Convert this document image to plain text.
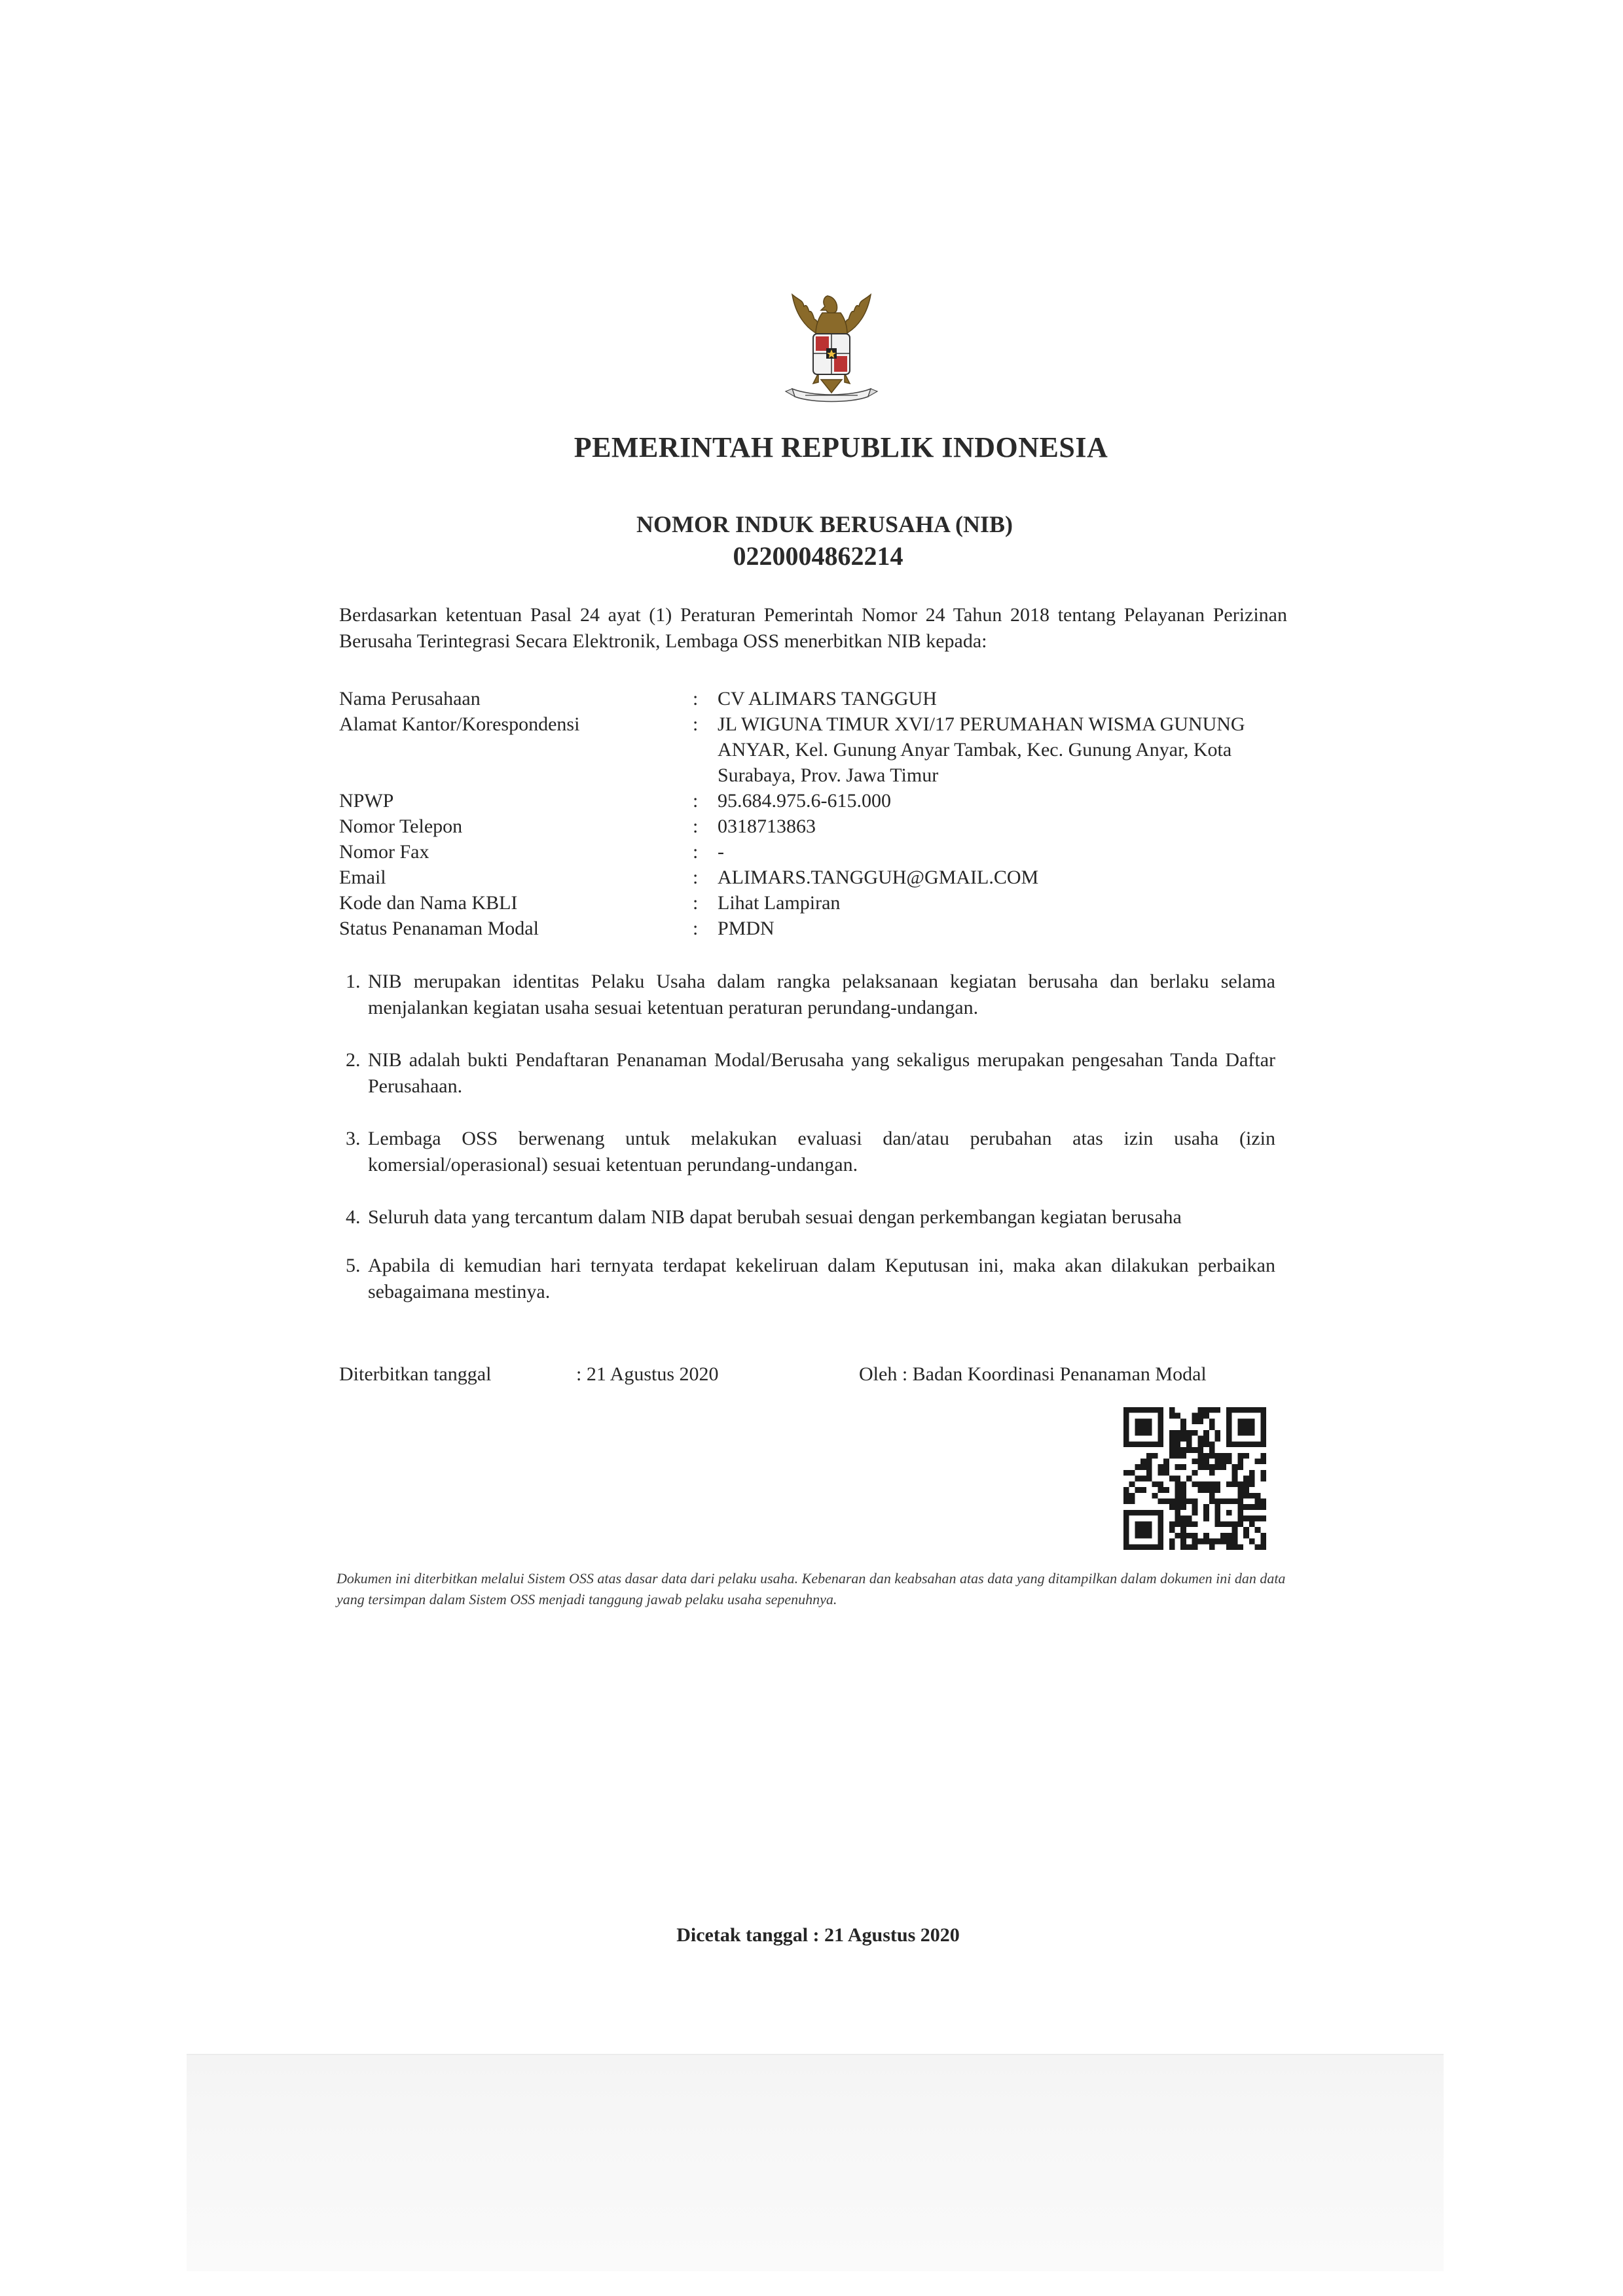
PEMERINTAH REPUBLIK INDONESIA
NOMOR INDUK BERUSAHA (NIB)
0220004862214
Berdasarkan ketentuan Pasal 24 ayat (1) Peraturan Pemerintah Nomor 24 Tahun 2018 tentang Pelayanan Perizinan Berusaha Terintegrasi Secara Elektronik, Lembaga OSS menerbitkan NIB kepada:
Nama Perusahaan	: CV ALIMARS TANGGUH
Alamat Kantor/Korespondensi	: JL WIGUNA TIMUR XVI/17 PERUMAHAN WISMA GUNUNG ANYAR, Kel. Gunung Anyar Tambak, Kec. Gunung Anyar, Kota Surabaya, Prov. Jawa Timur
NPWP	: 95.684.975.6-615.000
Nomor Telepon	: 0318713863
Nomor Fax	: -
Email	: ALIMARS.TANGGUH@GMAIL.COM
Kode dan Nama KBLI	: Lihat Lampiran
Status Penanaman Modal	: PMDN
1. NIB merupakan identitas Pelaku Usaha dalam rangka pelaksanaan kegiatan berusaha dan berlaku selama menjalankan kegiatan usaha sesuai ketentuan peraturan perundang-undangan.
2. NIB adalah bukti Pendaftaran Penanaman Modal/Berusaha yang sekaligus merupakan pengesahan Tanda Daftar Perusahaan.
3. Lembaga OSS berwenang untuk melakukan evaluasi dan/atau perubahan atas izin usaha (izin komersial/operasional) sesuai ketentuan perundang-undangan.
4. Seluruh data yang tercantum dalam NIB dapat berubah sesuai dengan perkembangan kegiatan berusaha
5. Apabila di kemudian hari ternyata terdapat kekeliruan dalam Keputusan ini, maka akan dilakukan perbaikan sebagaimana mestinya.
Diterbitkan tanggal	: 21 Agustus 2020	Oleh : Badan Koordinasi Penanaman Modal
Dokumen ini diterbitkan melalui Sistem OSS atas dasar data dari pelaku usaha. Kebenaran dan keabsahan atas data yang ditampilkan dalam dokumen ini dan data yang tersimpan dalam Sistem OSS menjadi tanggung jawab pelaku usaha sepenuhnya.
Dicetak tanggal : 21 Agustus 2020
